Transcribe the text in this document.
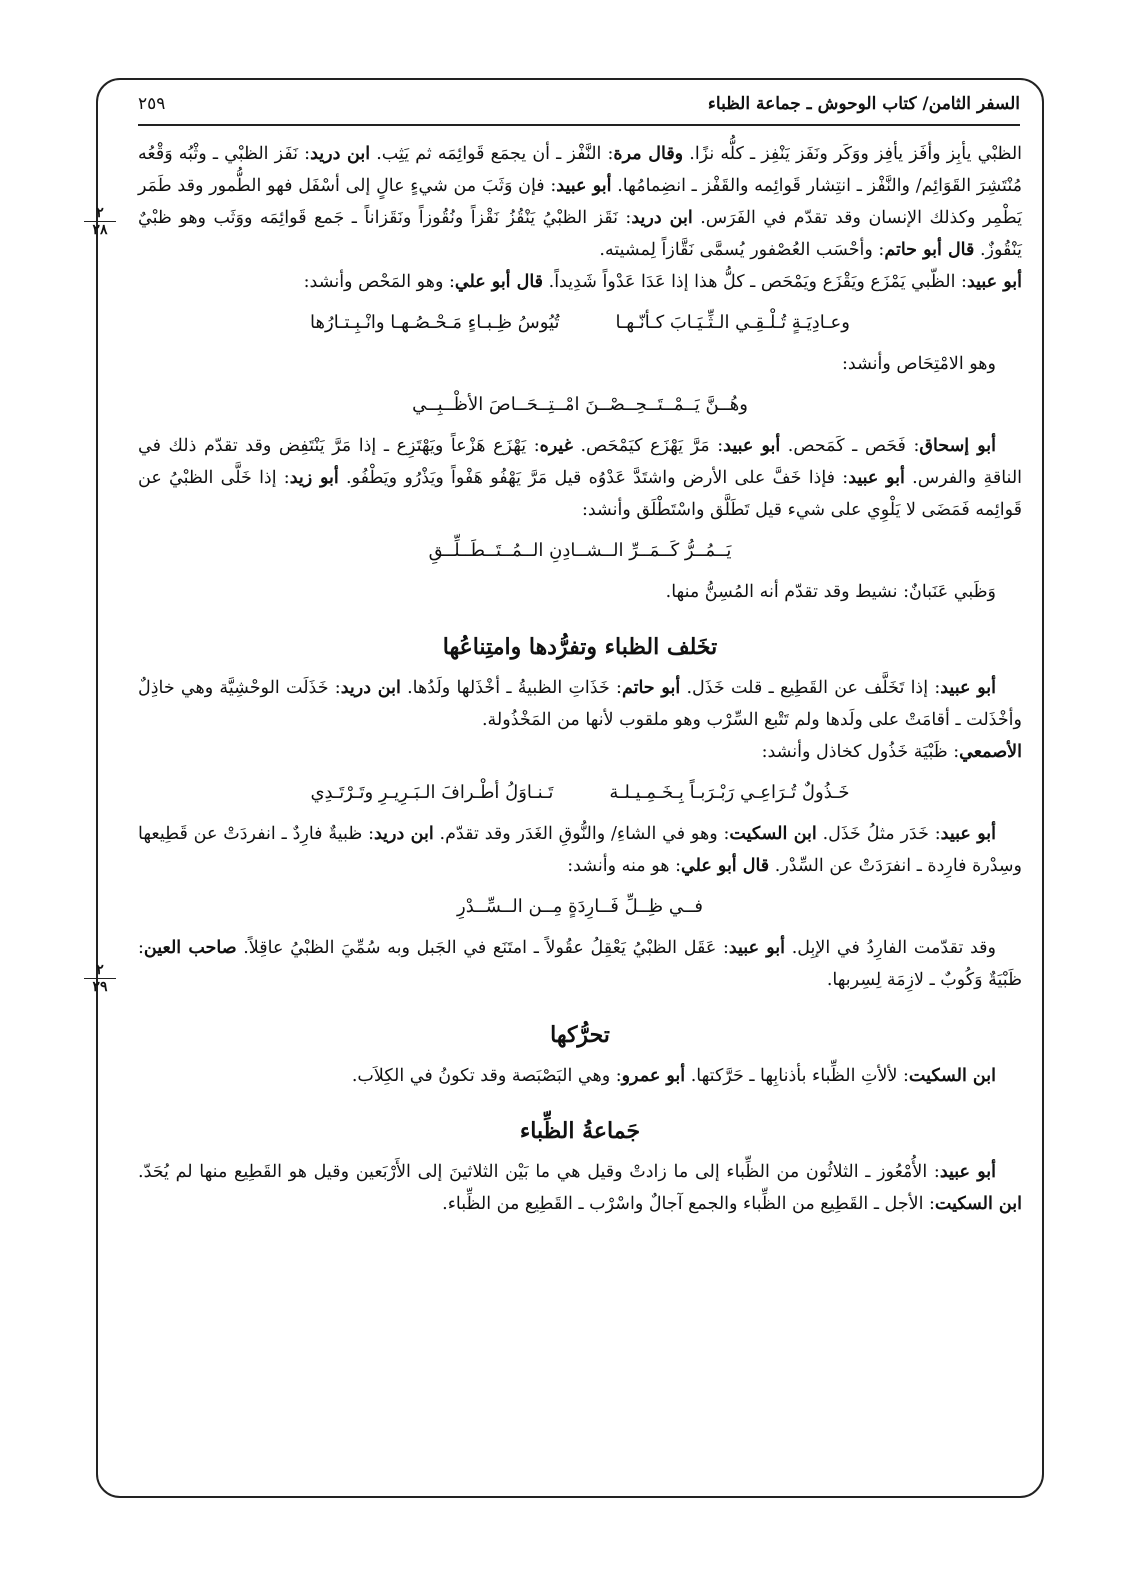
السفر الثامن/ كتاب الوحوش ـ جماعة الظباء
٢٥٩
٢
٢٨
٢
٢٩

الظبْي يأبِز وأفَز يأفِز ووَكَر ونَفَز يَنْفِز ـ كلُّه نزًا. وقال مرة: النَّفْز ـ أن يجمَع قَوائِمَه ثم يَثِب. ابن دريد: نَفَز الظبْي ـ وثْبُه وَقْعُه مُنْتَشِرَ القَوَائِم/ والنَّفْز ـ انتِشار قَوائِمه والقَفْز ـ انضِمامُها. أبو عبيد: فإن وَثَبَ من شيءٍ عالٍ إلى أسْفَل فهو الطُّمور وقد طَمَر يَطْمِر وكذلك الإنسان وقد تقدّم في الفَرَس. ابن دريد: نَقَز الظبْيُ يَنْقُزُ نَقْزاً ونُقُوزاً ونَقَزاناً ـ جَمع قَوائِمَه ووَثَب وهو ظبْيٌ يَنْقُوزٌ. قال أبو حاتم: وأحْسَب العُصْفور يُسمَّى نَقَّازاً لِمشيته.

أبو عبيد: الظّبي يَمْزَع ويَقْزَع ويَمْحَص ـ كلُّ هذا إذا عَدَا عَدْواً شَدِيداً. قال أبو علي: وهو المَحْص وأنشد:

وعـادِيَـةٍ تُـلْـقِـي الـثِّـيَـابَ كـأنّـهـاتُيُوسُ ظِـبـاءٍ مَـحْـصُـهـا وانْـبِـتـارُها

وهو الامْتِحَاص وأنشد:

وهُــنَّ يَــمْــتَــحِــصْــنَ امْــتِــحَــاصَ الأظْــبِــي

أبو إسحاق: فَحَص ـ كَمَحص. أبو عبيد: مَرَّ يَهْزَع كيَمْحَص. غيره: يَهْزَع هَزْعاً ويَهْتَزِع ـ إذا مَرَّ يَنْتَفِض وقد تقدّم ذلك في الناقةِ والفرس. أبو عبيد: فإذا خَفَّ على الأرض واشتَدَّ عَدْوُه قيل مَرَّ يَهْفُو هَفْواً ويَذْرُو ويَطْفُو. أبو زيد: إذا خَلَّى الظبْيُ عن قَوائِمه فَمَضَى لا يَلْوِي على شيء قيل تَطَلَّق واسْتَطْلَق وأنشد:

يَــمُــرُّ كَــمَــرِّ الــشــادِنِ الــمُــتَــطَــلِّــقِ

وَظَبي عَنَبانٌ: نشيط وقد تقدّم أنه المُسِنُّ منها.

تخَلف الظباء وتفرُّدها وامتِناعُها

أبو عبيد: إذا تَخَلَّف عن القَطِيع ـ قلت خَذَل. أبو حاتم: خَذَاتِ الظبيةُ ـ أخْذَلها ولَدُها. ابن دريد: خَذَلَت الوحْشِيَّة وهي خاذِلٌ وأخْذَلت ـ أقامَتْ على ولَدها ولم تَتْبع السِّرْب وهو ملقوب لأنها من المَخْذُولة.

الأصمعي: ظَبْيَة خَذُول كخاذل وأنشد:

خَـذُولٌ تُـرَاعِـي رَبْـرَبـاً بِـخَـمِـيـلـةتَـنـاوَلُ أطْـرافَ الـبَـرِيـرِ وتَـرْتَـدِي

أبو عبيد: خَدَر مثلُ خَذَل. ابن السكيت: وهو في الشاءِ/ والنُّوقِ الغَدَر وقد تقدّم. ابن دريد: ظبيةٌ فارِدٌ ـ انفردَتْ عن قَطِيعها وسِدْرة فارِدة ـ انفرَدَتْ عن السِّدْر. قال أبو علي: هو منه وأنشد:

فــي ظِــلِّ فَــارِدَةٍ مِــن الــسِّــدْرِ

وقد تقدّمت الفارِدُ في الإبِل. أبو عبيد: عَقَل الظبْيُ يَعْقِلُ عقُولاً ـ امتَنَع في الجَبل وبه سُمِّيَ الظبْيُ عاقِلاً. صاحب العين: ظَبْيَةٌ وَكُوبٌ ـ لازِمَة لِسِربها.

تحرُّكها

ابن السكيت: لألأتِ الظِّباء بأذنابِها ـ حَرَّكتها. أبو عمرو: وهي البَصْبَصة وقد تكونُ في الكِلاَب.

جَماعةُ الظِّباء

أبو عبيد: الأُمْعُوز ـ الثلاثُون من الظِّباء إلى ما زادتْ وقيل هي ما بَيْن الثلاثينَ إلى الأَرْبَعين وقيل هو القَطِيع منها لم يُحَدّ. ابن السكيت: الأجل ـ القَطِيع من الظِّباء والجمع آجالٌ واسْرْب ـ القَطِيع من الظِّباء.
